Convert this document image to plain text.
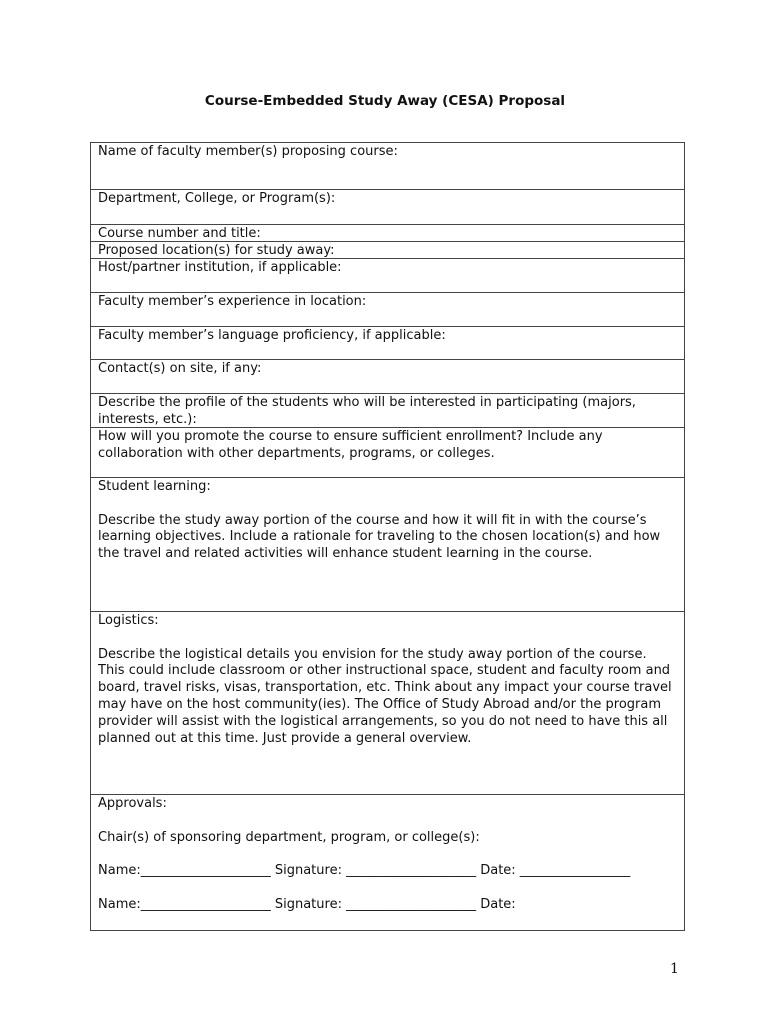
Course-Embedded Study Away (CESA) Proposal

Name of faculty member(s) proposing course:

Department, College, or Program(s):

Course number and title:

Proposed location(s) for study away:

Host/partner institution, if applicable:

Faculty member’s experience in location:

Faculty member’s language proficiency, if applicable:

Contact(s) on site, if any:

Describe the profile of the students who will be interested in participating (majors, interests, etc.):

How will you promote the course to ensure sufficient enrollment? Include any collaboration with other departments, programs, or colleges.

Student learning:

Describe the study away portion of the course and how it will fit in with the course’s learning objectives. Include a rationale for traveling to the chosen location(s) and how the travel and related activities will enhance student learning in the course.

Logistics:

Describe the logistical details you envision for the study away portion of the course. This could include classroom or other instructional space, student and faculty room and board, travel risks, visas, transportation, etc. Think about any impact your course travel may have on the host community(ies). The Office of Study Abroad and/or the program provider will assist with the logistical arrangements, so you do not need to have this all planned out at this time. Just provide a general overview.

Approvals:

Chair(s) of sponsoring department, program, or college(s):

Name:____________________ Signature: ____________________ Date: _________________

Name:____________________ Signature: ____________________ Date:

1
